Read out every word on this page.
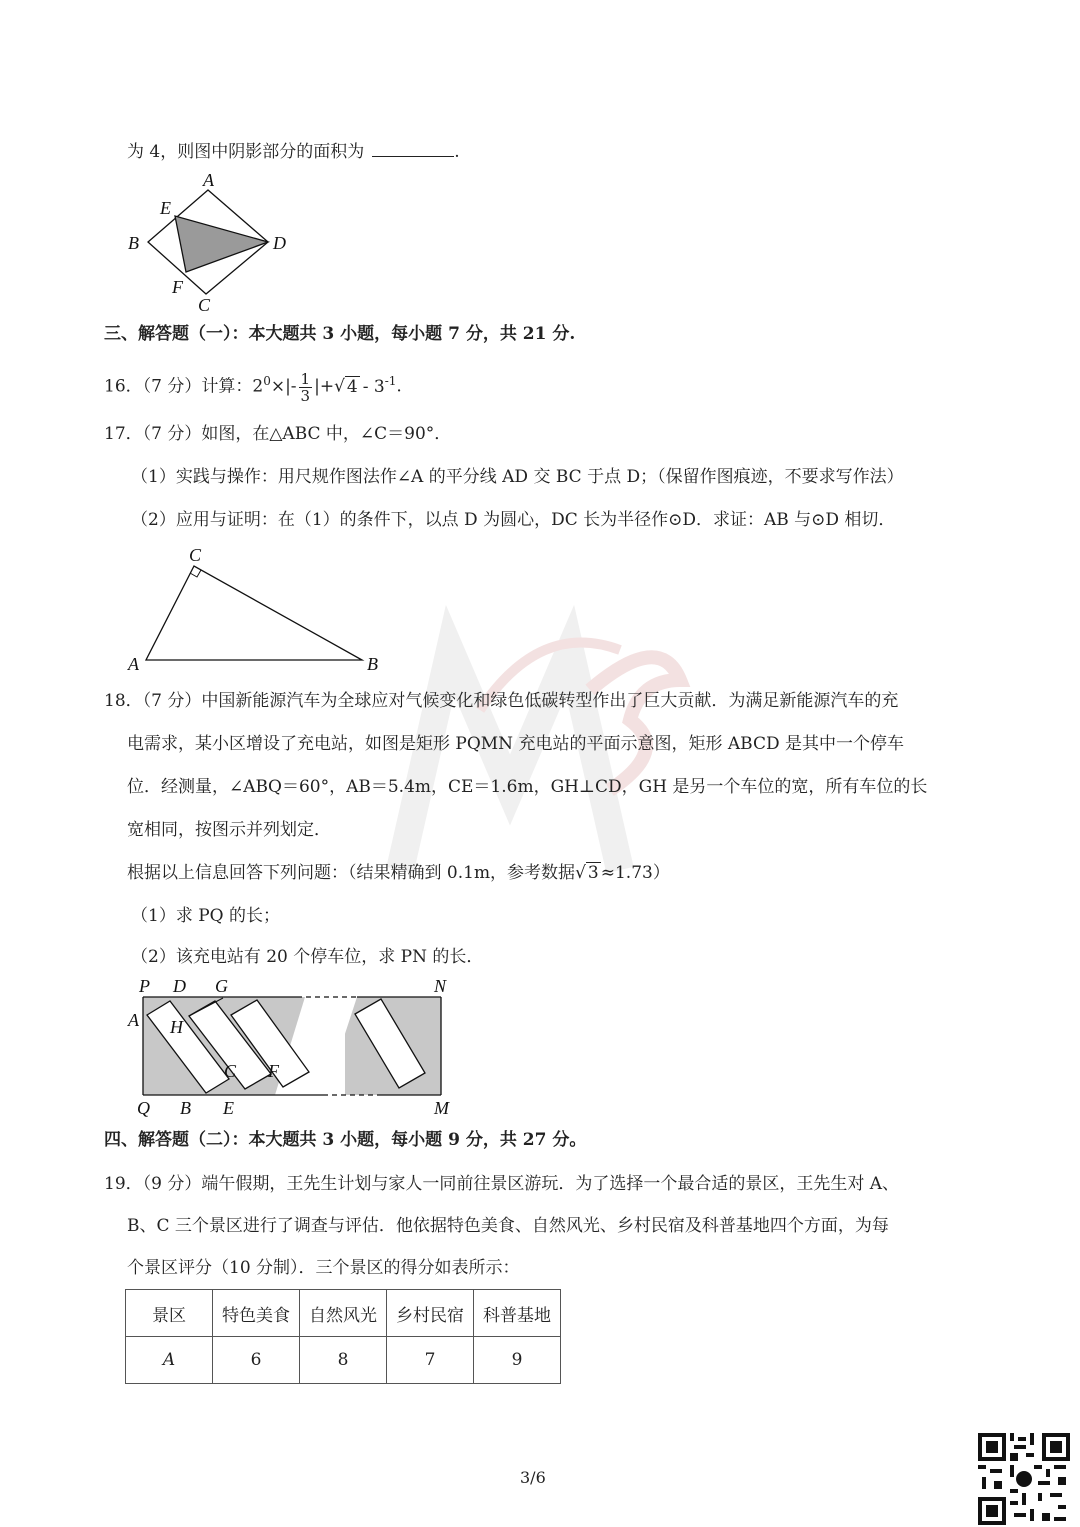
为 4，则图中阴影部分的面积为	.
A
E
B	D
F
C
三、解答题（一）：本大题共 3 小题，每小题 7 分，共 21 分.
16．（7 分）计算：$2^0\times|- \frac{1}{3}$ |+√ $4 - 3^{-1}$.
17．（7 分）如图，在△ABC 中，∠C＝90°．
（1）实践与操作：用尺规作图法作∠A 的平分线 AD 交 BC 于点 D；（保留作图痕迹，不要求写作法）
（2）应用与证明：在（1）的条件下，以点 D 为圆心，DC 长为半径作⊙D．求证：AB 与⊙D 相切．
C
A	B
18．（7 分）中国新能源汽车为全球应对气候变化和绿色低碳转型作出了巨大贡献．为满足新能源汽车的充
电需求，某小区增设了充电站，如图是矩形 PQMN 充电站的平面示意图，矩形 ABCD 是其中一个停车
位．经测量，∠ABQ＝60°，AB＝5.4m，CE＝1.6m，GH⊥CD，GH 是另一个车位的宽，所有车位的长
宽相同，按图示并列划定．
根据以上信息回答下列问题：（结果精确到 0.1m，参考数据√ 3 ≈1.73）
（1）求 PQ 的长；
（2）该充电站有 20 个停车位，求 PN 的长．
P D G	N
A H
C F
Q B E	M
四、解答题（二）：本大题共 3 小题，每小题 9 分，共 27 分。
19．（9 分）端午假期，王先生计划与家人一同前往景区游玩．为了选择一个最合适的景区，王先生对 A、
B、C 三个景区进行了调查与评估．他依据特色美食、自然风光、乡村民宿及科普基地四个方面，为每
个景区评分（10 分制）．三个景区的得分如表所示：
景区	特色美食	自然风光	乡村民宿	科普基地
A	6	8	7	9
3/6
